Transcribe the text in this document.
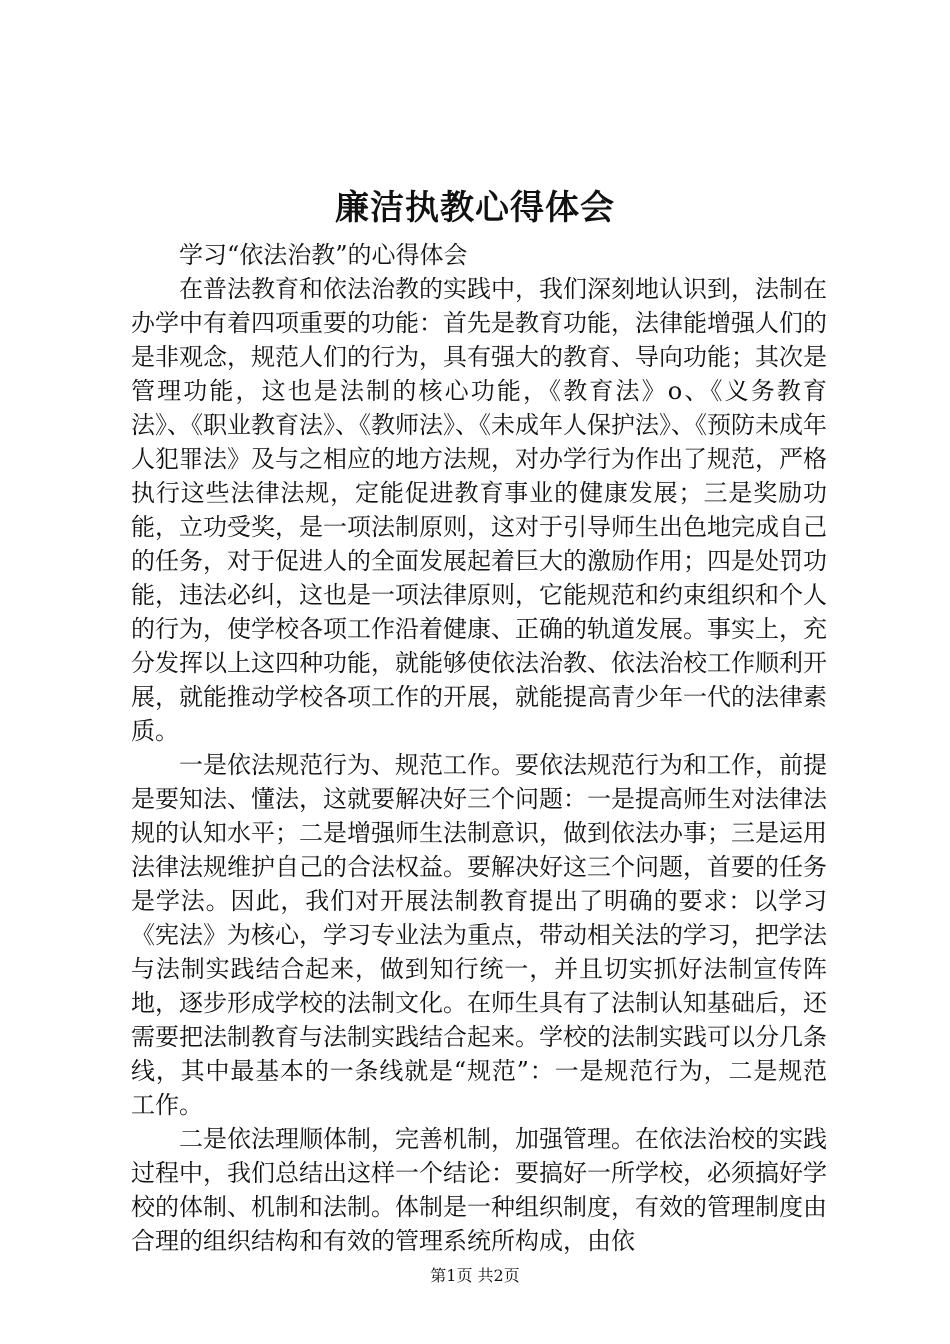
廉洁执教心得体会

学习“依法治教”的心得体会

在普法教育和依法治教的实践中，我们深刻地认识到，法制在办学中有着四项重要的功能：首先是教育功能，法律能增强人们的是非观念，规范人们的行为，具有强大的教育、导向功能；其次是管理功能，这也是法制的核心功能，《教育法》o、《义务教育法》、《职业教育法》、《教师法》、《未成年人保护法》、《预防未成年人犯罪法》及与之相应的地方法规，对办学行为作出了规范，严格执行这些法律法规，定能促进教育事业的健康发展；三是奖励功能，立功受奖，是一项法制原则，这对于引导师生出色地完成自己的任务，对于促进人的全面发展起着巨大的激励作用；四是处罚功能，违法必纠，这也是一项法律原则，它能规范和约束组织和个人的行为，使学校各项工作沿着健康、正确的轨道发展。事实上，充分发挥以上这四种功能，就能够使依法治教、依法治校工作顺利开展，就能推动学校各项工作的开展，就能提高青少年一代的法律素质。

一是依法规范行为、规范工作。要依法规范行为和工作，前提是要知法、懂法，这就要解决好三个问题：一是提高师生对法律法规的认知水平；二是增强师生法制意识，做到依法办事；三是运用法律法规维护自己的合法权益。要解决好这三个问题，首要的任务是学法。因此，我们对开展法制教育提出了明确的要求：以学习《宪法》为核心，学习专业法为重点，带动相关法的学习，把学法与法制实践结合起来，做到知行统一，并且切实抓好法制宣传阵地，逐步形成学校的法制文化。在师生具有了法制认知基础后，还需要把法制教育与法制实践结合起来。学校的法制实践可以分几条线，其中最基本的一条线就是“规范”：一是规范行为，二是规范工作。

二是依法理顺体制，完善机制，加强管理。在依法治校的实践过程中，我们总结出这样一个结论：要搞好一所学校，必须搞好学校的体制、机制和法制。体制是一种组织制度，有效的管理制度由合理的组织结构和有效的管理系统所构成，由依

第1页 共2页
